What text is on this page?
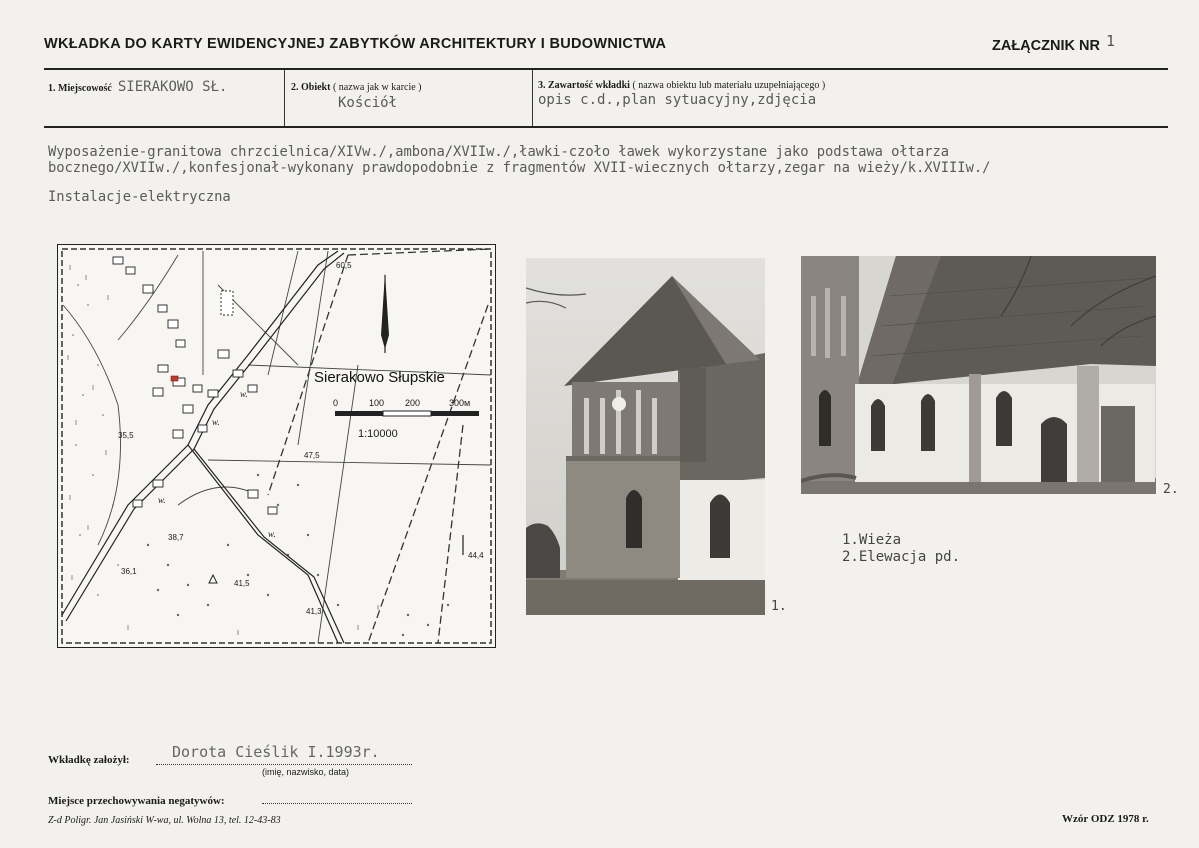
WKŁADKA DO KARTY EWIDENCYJNEJ ZABYTKÓW ARCHITEKTURY I BUDOWNICTWA	ZAŁĄCZNIK NR 1
1. Miejscowość SIERAKOWO SŁ.	2. Obiekt ( nazwa jak w karcie )
Kościół
3. Zawartość wkładki ( nazwa obiektu lub materiału uzupełniającego )
opis c.d.,plan sytuacyjny,zdjęcia
Wyposażenie-granitowa chrzcielnica/XIVw./,ambona/XVIIw./,ławki-czoło ławek wykorzystane jako podstawa ołtarza
bocznego/XVIIw./,konfesjonał-wykonany prawdopodobnie z fragmentów XVII-wiecznych ołtarzy,zegar na wieży/k.XVIIIw./
Instalacje-elektryczna
Sierakowo Słupskie
0	100 200	300м
1:10000
60,5
35,5
47,5
38,7
36,1
41,5
41,3
44,4
w.
w.
w.
w.
1.
2.
1.Wieża
2.Elewacja pd.
Wkładkę założył:	Dorota Cieślik I.1993r.
(imię, nazwisko, data)
Miejsce przechowywania negatywów:
Z-d Poligr. Jan Jasiński W-wa, ul. Wolna 13, tel. 12-43-83	Wzór ODZ 1978 r.
